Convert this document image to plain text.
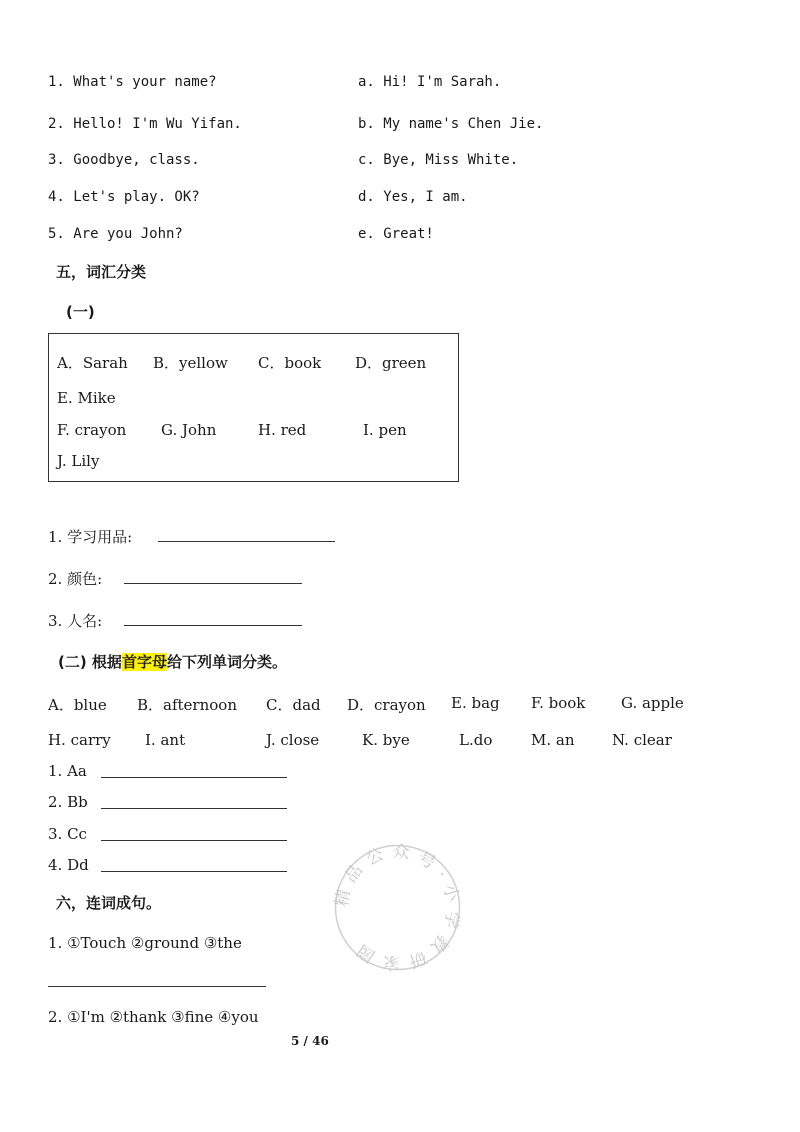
1. What's your name?	a. Hi! I'm Sarah.
2. Hello! I'm Wu Yifan.	b. My name's Chen Jie.
3. Goodbye, class.	c. Bye, Miss White.
4. Let's play. OK?	d. Yes, I am.
5. Are you John?	e. Great!
五，词汇分类
(一)
A．Sarah B．yellow C．book D．green
E. Mike
F. crayon G. John	H. red	I. pen
J. Lily
1. 学习用品:
2. 颜色:
3. 人名:
(二) 根据首字母给下列单词分类。
A．blue B．afternoon C．dad D．crayon E. bag F. book G. apple
H. carry I. ant	J. close	K. bye	L.do	M. an	N. clear
1. Aa
2. Bb
3. Cc
4. Dd
六，连词成句。
1. ①Touch ②ground ③the
2. ①I'm ②thank ③fine ④you
5 / 46
精 品 公 众 号 · 小 学 教 研 家 园
